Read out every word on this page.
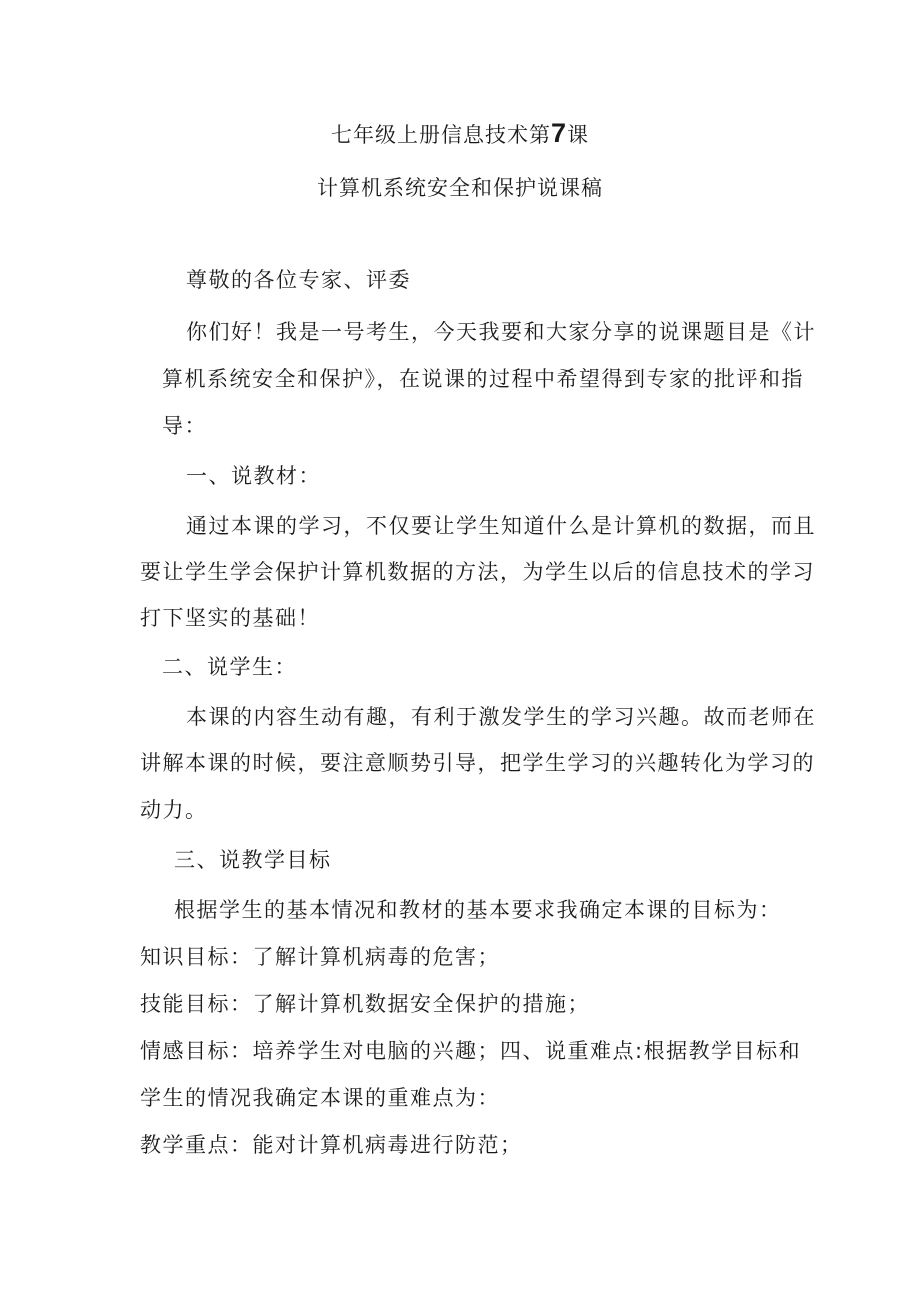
七年级上册信息技术第7课
计算机系统安全和保护说课稿
尊敬的各位专家、评委
你们好！我是一号考生，今天我要和大家分享的说课题目是《计
算机系统安全和保护》，在说课的过程中希望得到专家的批评和指
导：
一、说教材：
通过本课的学习，不仅要让学生知道什么是计算机的数据，而且
要让学生学会保护计算机数据的方法，为学生以后的信息技术的学习
打下坚实的基础！
二、说学生：
本课的内容生动有趣，有利于激发学生的学习兴趣。故而老师在
讲解本课的时候，要注意顺势引导，把学生学习的兴趣转化为学习的
动力。
三、说教学目标
根据学生的基本情况和教材的基本要求我确定本课的目标为：
知识目标：了解计算机病毒的危害；
技能目标：了解计算机数据安全保护的措施；
情感目标：培养学生对电脑的兴趣；四、说重难点:根据教学目标和
学生的情况我确定本课的重难点为：
教学重点：能对计算机病毒进行防范；
